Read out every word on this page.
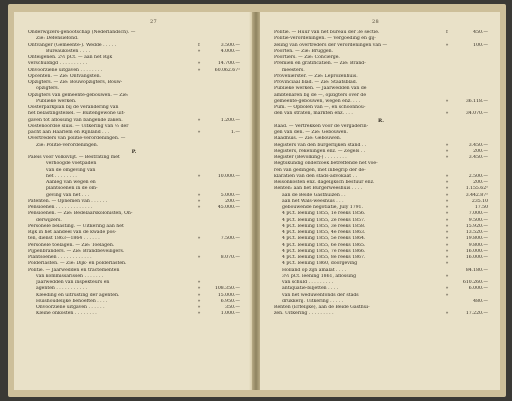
27
Onderwijzers-genootschap (Nederlandsch). —
Zie: Defensiefond.
Ontvanger (Gemeente-). Wedde . . . . .	f	3.500.—
Bureaukosten . . . .	»	4.000.—
Onteigenen. 2½ pCt. — aan het Rijk
verschuldigd . . . . . . . . . .	»	14.700.—
Onvoorziene uitgaven . . . . . . . .	»	60.062.67¹
Opcenten. — Zie: Ontvangsten.
Opzigters. — Zie: Bouwopzigters, Bouw-
opzigters.
Opzigters van gemeente-gebouwen. — Zie:
Publieke werken.
Oosterparkplan bij de verandering van
het belastingstelsel. — Buitengewone uit-
gaven tot aflossing van bangende zaken.	»	1.200.—
Oostenoordse sluis. — Uitkering van ⅓ der
pacht aan Haarlem en Rijnland . . .	»	1.—
Overtreders van politie-verordeningen. —
Zie: Politie-verordeningen.
P.
Paleis voor Volksvlijt. — Bestrating met
verhoogde voetpaden
van de omgeving van
het . . . . . . . .	»	10.000.—
Aanleg van wegen en
plantsoenen in de om-
geving van het . . .	»	5.000.—
Patenten. — Opnemen van . . . . . .	»	200.—
Pensioenen . . . . . . . . . . . . .	»	45.000.—
Pensioenen. — Zie: Bedelaarskolonisten, On-
derwijzers.
Personele belasting. — Uitkering aan het
Rijk in het aandeel van de kwade pos-
ten, dienst 1863—1864 . . . . . .	»	7.500.—
Personele toelagen. — Zie: Toelagen.
Pijpenbranders. — Zie: Brandbeveiligers.
Plantsoenen . . . . . . . . . . . .	»	8.070.—
Polderlasten. — Zie: Dijk- en polderlasten.
Politie. — Jaarwedden en tractementen
van kommissarissen . . . . . . .
Jaarwedden van inspekteurs en	»
agenten . . . . . . . . . . .	»	108.350.—
Kleeding en uitrusting der agenten.	»	15.000.—
Huishoudelijke behoeften . . . .	»	6.950.—
Onvoorziene uitgaven . . . . . .	»	350.—
Kleine onkosten . . . . . . . .	»	1.000.—
28
Politie. — Huur van het bureau der 3e sectie.	f	450.—
Politie-verordeningen. — Vergoeding en gij-
zeling van overtreders der verordeningen van —	»	100.—
Poorten. — Zie: Bruggen.
Poortiers. — Zie: Concierge.
Premiën en gratificatiën. — Zie: Brand-
meesters.
Provenierster. — Zie: Leprozenhuis.
Provinciaal blad. — Zie: Staatsblad.
Publieke werken. — Jaarwedden van de
ambtenaren bij de —, opzigters over de
gemeente-gebouwen, wegen enz. . . .	»	36.118.—
Pum. — Opbolen van —, en schoonhou-
den van straten, markten enz. . . .	»	34.070.—
R.
Raad. — Vertrekken voor de vergaderin-
gen van den. — Zie: Gebouwen.
Raadhuis. — Zie: Gebouwen.
Registers van den burgerlijken stand . .	»	3.450.—
Registers, rekeningen enz. — Zegels . .	»	200.—
Register (Bevolking-) . . . . . . . .	»	3.450.—
Regtskundig onderzoek betreffende het voe-
ren van gedingen, met inbegrip der de-
klaratiën van den stads-advokaat . .	»	2.500.—
Reisonkosten enz. dagelijksch bestuur enz.	»	200.—
Renten: aan het Burgerweeshuis . . . .	»	1.155.62⁵
aan de Beide Gasthuizen . .	»	3.442.87⁵
aan het Wals-weeshuis . . .	»	235.10
gebouwende negotiatie, July 1791.	»	17.50
4 pCt. leening 1855, 1e reeks 1856.	»	7.000.—
4 pCt. leening 1855, 2e reeks 1857.	»	9.500.—
4 pCt. leening 1855, 3e reeks 1858.	»	15.920.—
4 pCt. leening 1855, 4e reeks 1863.	»	13.520.—
4 pCt. leening 1855, 5e reeks 1864.	»	19.800.—
4 pCt. leening 1855, 6e reeks 1865.	»	9.800.—
4 pCt. leening 1855, 7e reeks 1866.	»	16.000.—
4 pCt. leening 1855, 8e reeks 1867.	»	16.000.—
4 pCt. leening 1860, doorgeving	»
Holland op zijn amalat . . . .	84.180.—
3½ pCt. leening 1861, aflossing	»
van schuld . . . . . . . . .	610.260.—
antiquatie-biljetten . . . .	»	6.000.—
van het weduwenfonds der stads	»
drukkerij. Uitkering . . . . .	480.—
Renten (Erfelijke), aan de Beide Gasthui-
zen. Uitkering . . . . . . . . .	»	17.220.—
